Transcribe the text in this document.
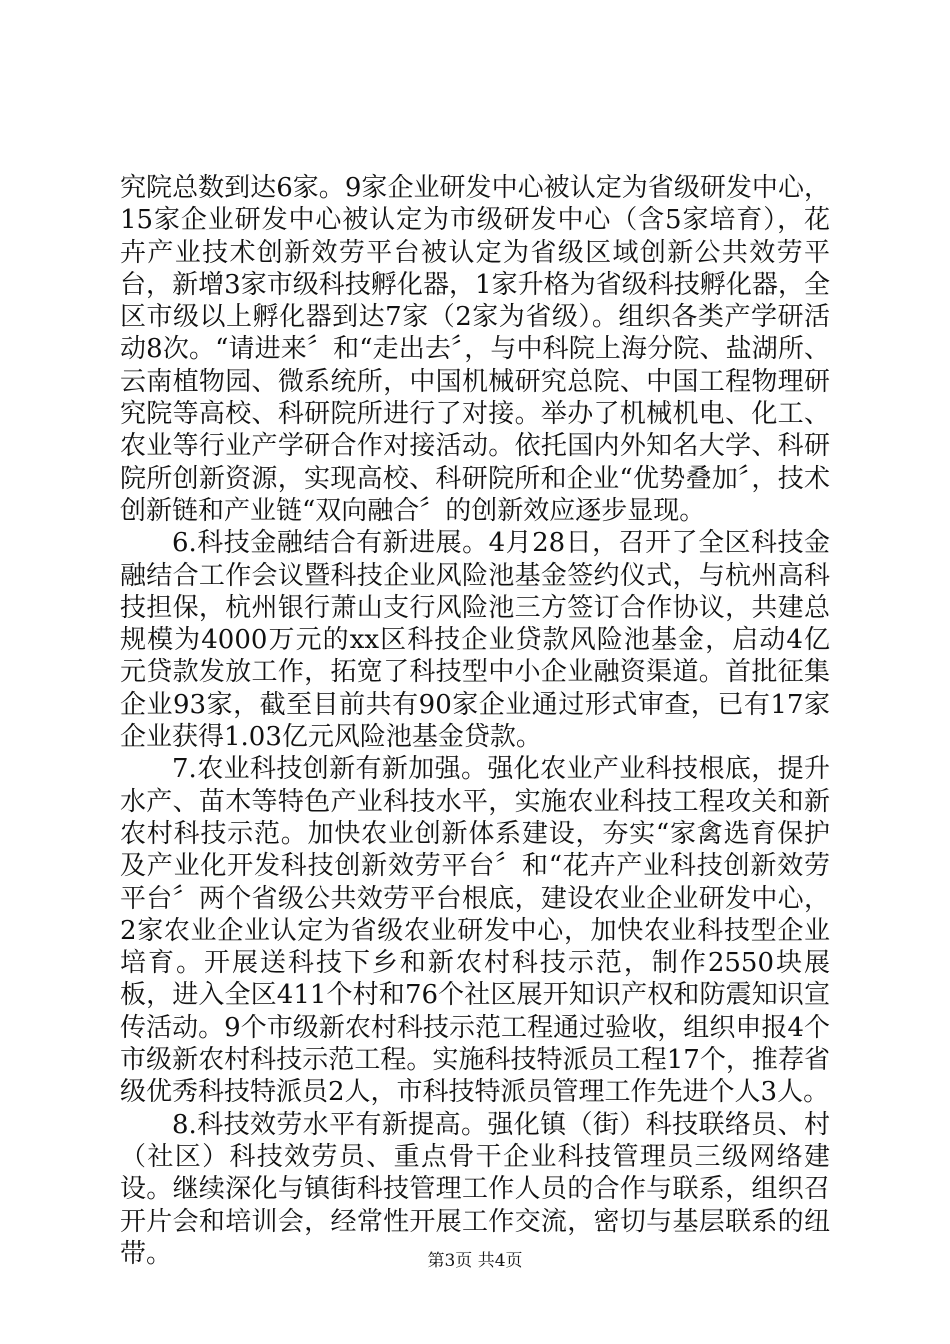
究院总数到达6家。9家企业研发中心被认定为省级研发中心，15家企业研发中心被认定为市级研发中心（含5家培育），花卉产业技术创新效劳平台被认定为省级区域创新公共效劳平台，新增3家市级科技孵化器，1家升格为省级科技孵化器，全区市级以上孵化器到达7家（2家为省级）。组织各类产学研活动8次。“请进来〞和“走出去〞，与中科院上海分院、盐湖所、云南植物园、微系统所，中国机械研究总院、中国工程物理研究院等高校、科研院所进行了对接。举办了机械机电、化工、农业等行业产学研合作对接活动。依托国内外知名大学、科研院所创新资源，实现高校、科研院所和企业“优势叠加〞，技术创新链和产业链“双向融合〞的创新效应逐步显现。

6.科技金融结合有新进展。4月28日，召开了全区科技金融结合工作会议暨科技企业风险池基金签约仪式，与杭州高科技担保，杭州银行萧山支行风险池三方签订合作协议，共建总规模为4000万元的xx区科技企业贷款风险池基金，启动4亿元贷款发放工作，拓宽了科技型中小企业融资渠道。首批征集企业93家，截至目前共有90家企业通过形式审查，已有17家企业获得1.03亿元风险池基金贷款。

7.农业科技创新有新加强。强化农业产业科技根底，提升水产、苗木等特色产业科技水平，实施农业科技工程攻关和新农村科技示范。加快农业创新体系建设，夯实“家禽选育保护及产业化开发科技创新效劳平台〞和“花卉产业科技创新效劳平台〞两个省级公共效劳平台根底，建设农业企业研发中心，2家农业企业认定为省级农业研发中心，加快农业科技型企业培育。开展送科技下乡和新农村科技示范，制作2550块展板，进入全区411个村和76个社区展开知识产权和防震知识宣传活动。9个市级新农村科技示范工程通过验收，组织申报4个市级新农村科技示范工程。实施科技特派员工程17个，推荐省级优秀科技特派员2人，市科技特派员管理工作先进个人3人。

8.科技效劳水平有新提高。强化镇（街）科技联络员、村（社区）科技效劳员、重点骨干企业科技管理员三级网络建设。继续深化与镇街科技管理工作人员的合作与联系，组织召开片会和培训会，经常性开展工作交流，密切与基层联系的纽带。	第3页 共4页
